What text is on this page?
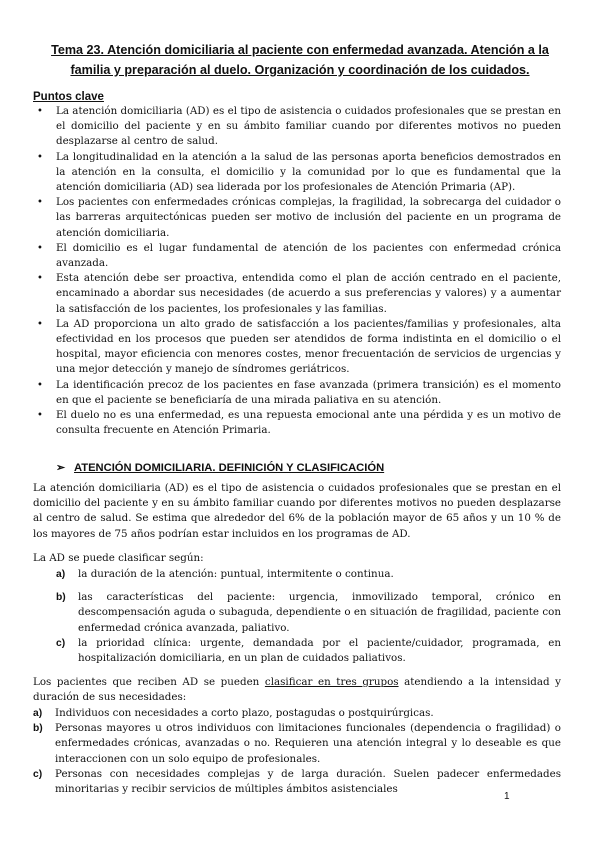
Tema 23. Atención domiciliaria al paciente con enfermedad avanzada. Atención a la familia y preparación al duelo. Organización y coordinación de los cuidados.
Puntos clave
• La atención domiciliaria (AD) es el tipo de asistencia o cuidados profesionales que se prestan en el domicilio del paciente y en su ámbito familiar cuando por diferentes motivos no pueden desplazarse al centro de salud.
• La longitudinalidad en la atención a la salud de las personas aporta beneficios demostrados en la atención en la consulta, el domicilio y la comunidad por lo que es fundamental que la atención domiciliaria (AD) sea liderada por los profesionales de Atención Primaria (AP).
• Los pacientes con enfermedades crónicas complejas, la fragilidad, la sobrecarga del cuidador o las barreras arquitectónicas pueden ser motivo de inclusión del paciente en un programa de atención domiciliaria.
• El domicilio es el lugar fundamental de atención de los pacientes con enfermedad crónica avanzada.
• Esta atención debe ser proactiva, entendida como el plan de acción centrado en el paciente, encaminado a abordar sus necesidades (de acuerdo a sus preferencias y valores) y a aumentar la satisfacción de los pacientes, los profesionales y las familias.
• La AD proporciona un alto grado de satisfacción a los pacientes/familias y profesionales, alta efectividad en los procesos que pueden ser atendidos de forma indistinta en el domicilio o el hospital, mayor eficiencia con menores costes, menor frecuentación de servicios de urgencias y una mejor detección y manejo de síndromes geriátricos.
• La identificación precoz de los pacientes en fase avanzada (primera transición) es el momento en que el paciente se beneficiaría de una mirada paliativa en su atención.
• El duelo no es una enfermedad, es una repuesta emocional ante una pérdida y es un motivo de consulta frecuente en Atención Primaria.
➢ ATENCIÓN DOMICILIARIA. DEFINICIÓN Y CLASIFICACIÓN

La atención domiciliaria (AD) es el tipo de asistencia o cuidados profesionales que se prestan en el domicilio del paciente y en su ámbito familiar cuando por diferentes motivos no pueden desplazarse al centro de salud. Se estima que alrededor del 6% de la población mayor de 65 años y un 10 % de los mayores de 75 años podrían estar incluidos en los programas de AD.

La AD se puede clasificar según:

a) la duración de la atención: puntual, intermitente o continua.
b) las características del paciente: urgencia, inmovilizado temporal, crónico en descompensación aguda o subaguda, dependiente o en situación de fragilidad, paciente con enfermedad crónica avanzada, paliativo.
c) la prioridad clínica: urgente, demandada por el paciente/cuidador, programada, en hospitalización domiciliaria, en un plan de cuidados paliativos.

Los pacientes que reciben AD se pueden clasificar en tres grupos atendiendo a la intensidad y duración de sus necesidades:

a) Individuos con necesidades a corto plazo, postagudas o postquirúrgicas.
b) Personas mayores u otros individuos con limitaciones funcionales (dependencia o fragilidad) o enfermedades crónicas, avanzadas o no. Requieren una atención integral y lo deseable es que interaccionen con un solo equipo de profesionales.
c) Personas con necesidades complejas y de larga duración. Suelen padecer enfermedades minoritarias y recibir servicios de múltiples ámbitos asistenciales
1
